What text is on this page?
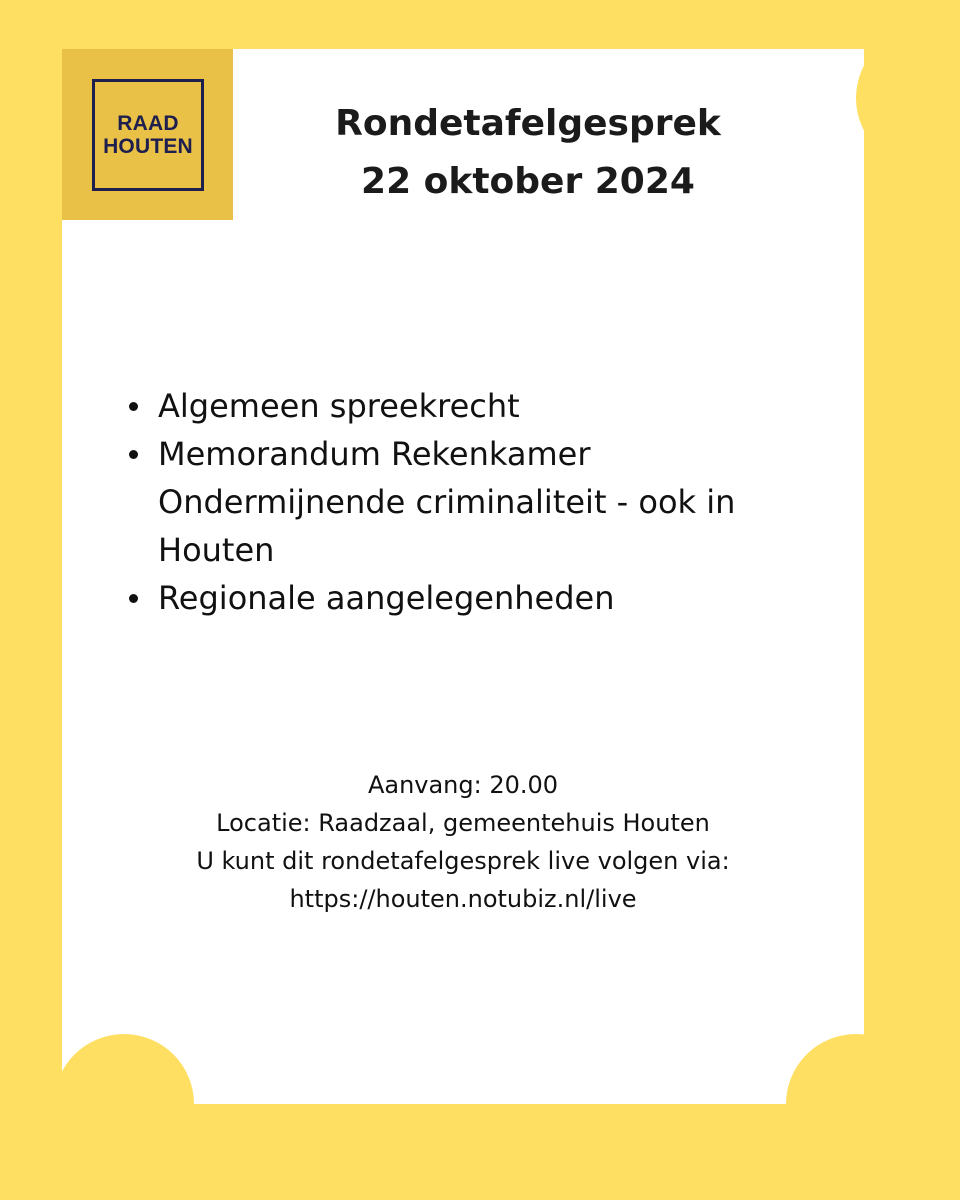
RAAD
HOUTEN
Rondetafelgesprek
22 oktober 2024
Algemeen spreekrecht
Memorandum Rekenkamer Ondermijnende criminaliteit - ook in Houten
Regionale aangelegenheden
Aanvang: 20.00
Locatie: Raadzaal, gemeentehuis Houten
U kunt dit rondetafelgesprek live volgen via:
https://houten.notubiz.nl/live
